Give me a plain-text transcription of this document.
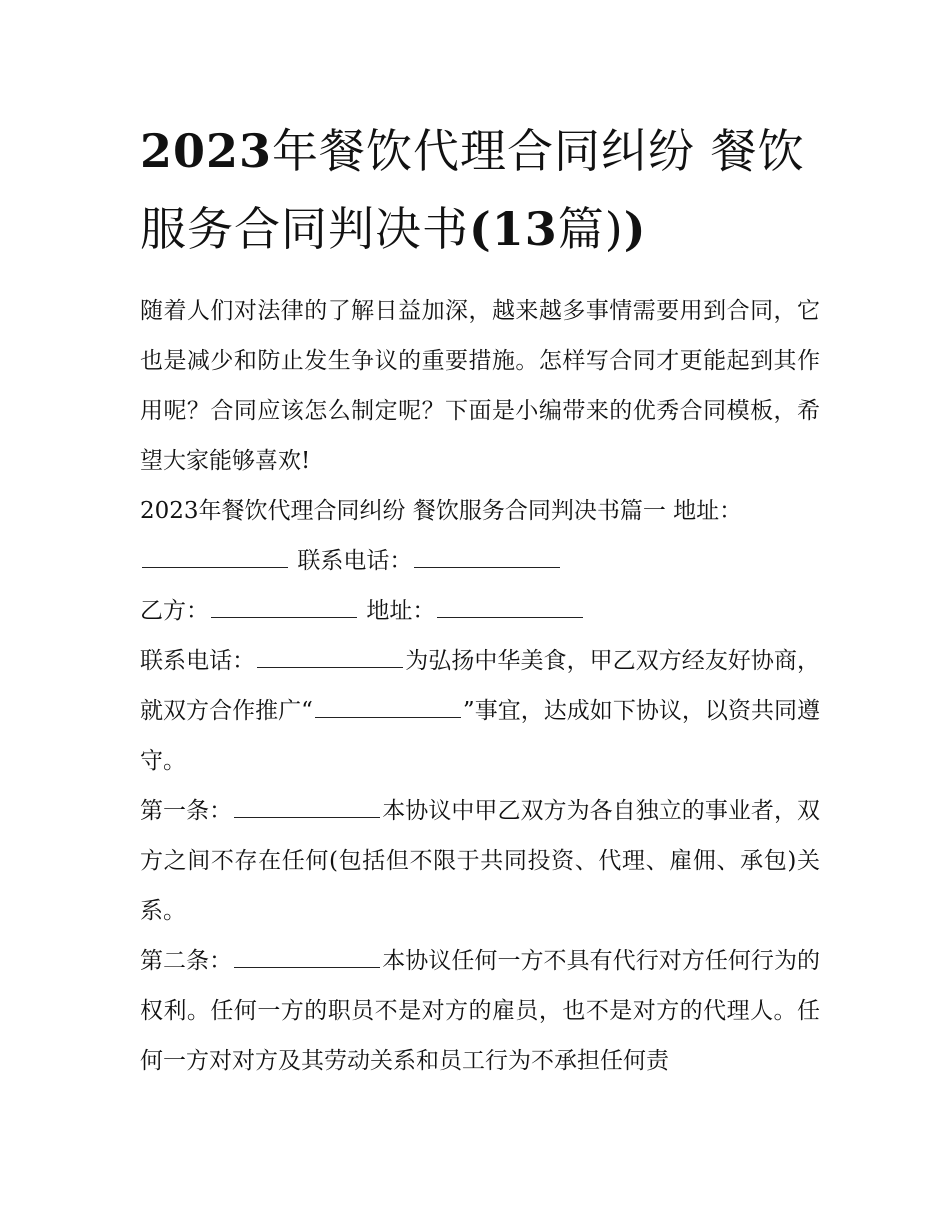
2023年餐饮代理合同纠纷 餐饮服务合同判决书(13篇))
随着人们对法律的了解日益加深，越来越多事情需要用到合同，它也是减少和防止发生争议的重要措施。怎样写合同才更能起到其作用呢？合同应该怎么制定呢？下面是小编带来的优秀合同模板，希望大家能够喜欢!
2023年餐饮代理合同纠纷 餐饮服务合同判决书篇一 地址：
联系电话：
乙方：	地址：
联系电话：	为弘扬中华美食，甲乙双方经友好协商，就双方合作推广“	”事宜，达成如下协议，以资共同遵守。
第一条：	本协议中甲乙双方为各自独立的事业者，双方之间不存在任何(包括但不限于共同投资、代理、雇佣、承包)关系。
第二条：	本协议任何一方不具有代行对方任何行为的权利。任何一方的职员不是对方的雇员，也不是对方的代理人。任何一方对对方及其劳动关系和员工行为不承担任何责
